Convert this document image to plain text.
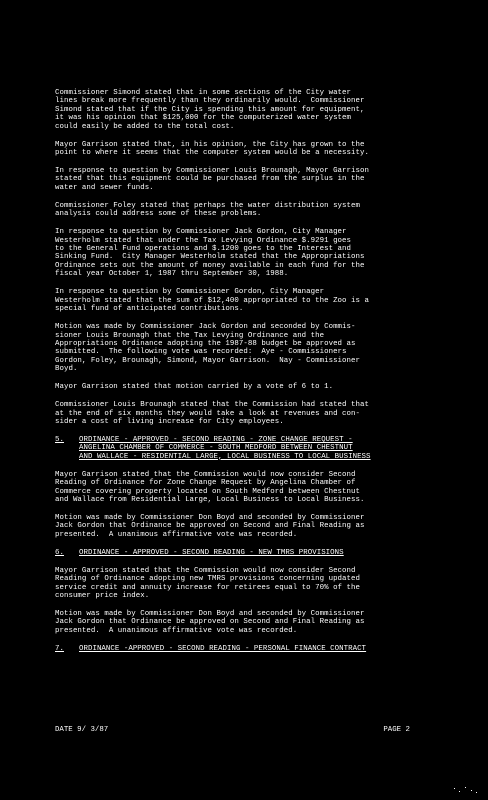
Commissioner Simond stated that in some sections of the City water
lines break more frequently than they ordinarily would.  Commissioner
Simond stated that if the City is spending this amount for equipment,
it was his opinion that $125,000 for the computerized water system
could easily be added to the total cost.
Mayor Garrison stated that, in his opinion, the City has grown to the
point to where it seems that the computer system would be a necessity.
In response to question by Commissioner Louis Brounagh, Mayor Garrison
stated that this equipment could be purchased from the surplus in the
water and sewer funds.
Commissioner Foley stated that perhaps the water distribution system
analysis could address some of these problems.
In response to question by Commissioner Jack Gordon, City Manager
Westerholm stated that under the Tax Levying Ordinance $.9291 goes
to the General Fund operations and $.1200 goes to the Interest and
Sinking Fund.  City Manager Westerholm stated that the Appropriations
Ordinance sets out the amount of money available in each fund for the
fiscal year October 1, 1987 thru September 30, 1988.
In response to question by Commissioner Gordon, City Manager
Westerholm stated that the sum of $12,400 appropriated to the Zoo is a
special fund of anticipated contributions.
Motion was made by Commissioner Jack Gordon and seconded by Commis-
sioner Louis Brounagh that the Tax Levying Ordinance and the
Appropriations Ordinance adopting the 1987-88 budget be approved as
submitted.  The following vote was recorded:  Aye - Commissioners
Gordon, Foley, Brounagh, Simond, Mayor Garrison.  Nay - Commissioner
Boyd.
Mayor Garrison stated that motion carried by a vote of 6 to 1.
Commissioner Louis Brounagh stated that the Commission had stated that
at the end of six months they would take a look at revenues and con-
sider a cost of living increase for City employees.
5.	ORDINANCE - APPROVED - SECOND READING - ZONE CHANGE REQUEST -
ANGELINA CHAMBER OF COMMERCE - SOUTH MEDFORD BETWEEN CHESTNUT
AND WALLACE - RESIDENTIAL LARGE, LOCAL BUSINESS TO LOCAL BUSINESS
Mayor Garrison stated that the Commission would now consider Second
Reading of Ordinance for Zone Change Request by Angelina Chamber of
Commerce covering property located on South Medford between Chestnut
and Wallace from Residential Large, Local Business to Local Business.
Motion was made by Commissioner Don Boyd and seconded by Commissioner
Jack Gordon that Ordinance be approved on Second and Final Reading as
presented.  A unanimous affirmative vote was recorded.
6.	ORDINANCE - APPROVED - SECOND READING - NEW TMRS PROVISIONS
Mayor Garrison stated that the Commission would now consider Second
Reading of Ordinance adopting new TMRS provisions concerning updated
service credit and annuity increase for retirees equal to 70% of the
consumer price index.
Motion was made by Commissioner Don Boyd and seconded by Commissioner
Jack Gordon that Ordinance be approved on Second and Final Reading as
presented.  A unanimous affirmative vote was recorded.
7.	ORDINANCE -APPROVED - SECOND READING - PERSONAL FINANCE CONTRACT
DATE 9/ 3/87	PAGE 2
